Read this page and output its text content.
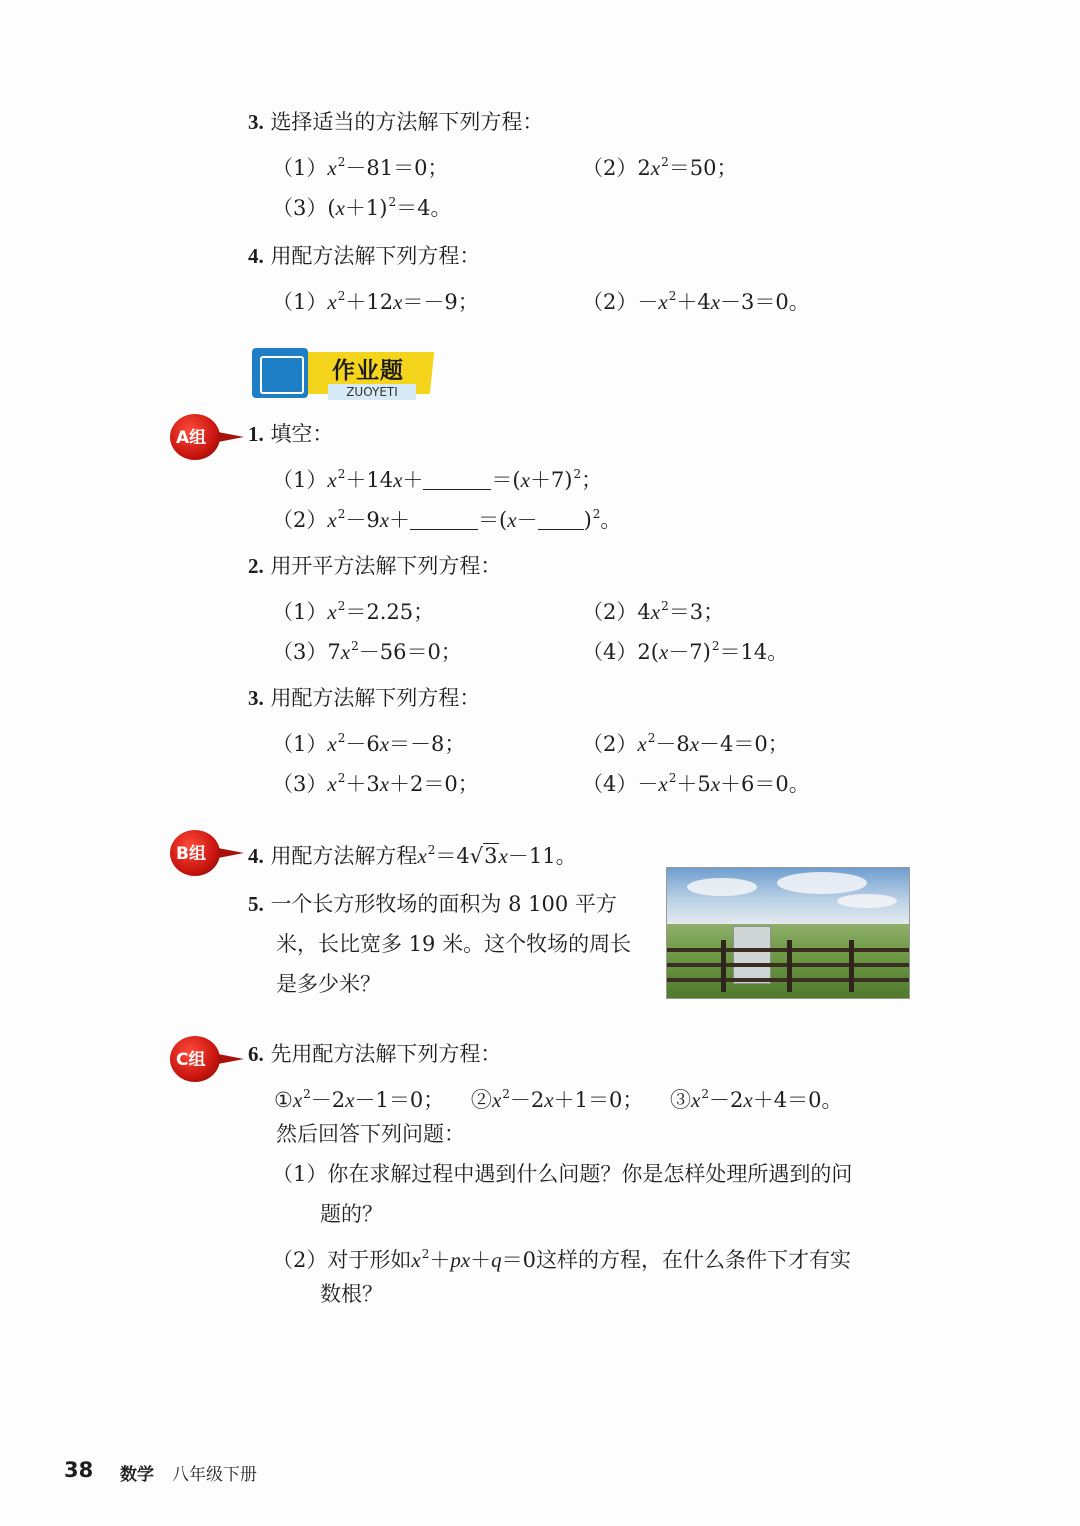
3. 选择适当的方法解下列方程：
$(1)x^2-81=0$；	$(2)2x^2=50$；
$(3)(x+1)^2=4$。
4. 用配方法解下列方程：
$(1)x^2+12x=-9$；	$(2)-x^2+4x-3=0$。
作业题
ZUOYETI
A组 1. 填空：
$(1)x^2+14x+$	$=(x+7)^2$；
$(2)x^2-9x+$	$=(x- )^2$。
2. 用开平方法解下列方程：
$(1)x^2=2.25$；	$(2)4x^2=3$；
$(3)7x^2-56=0$；	$(4)2(x-7)^2=14$。
3. 用配方法解下列方程：
$(1)x^2-6x=-8$；	$(2)x^2-8x-4=0$；
$(3)x^2+3x+2=0$；	$(4)-x^2+5x+6=0$。
B组 4. 用配方法解方程$x^2=4√3x-11$。
5. 一个长方形牧场的面积为 8 100 平方
米，长比宽多 19 米。这个牧场的周长
是多少米？
C组 6. 先用配方法解下列方程：
$①x^2-2x-1=0$；    $②x^2-2x+1=0$；    $③x^2-2x+4=0$。
然后回答下列问题：
（1）你在求解过程中遇到什么问题？你是怎样处理所遇到的问
题的？
（2）对于形如$x^2+px+q=0$这样的方程，在什么条件下才有实
数根？
38 数学 八年级下册
